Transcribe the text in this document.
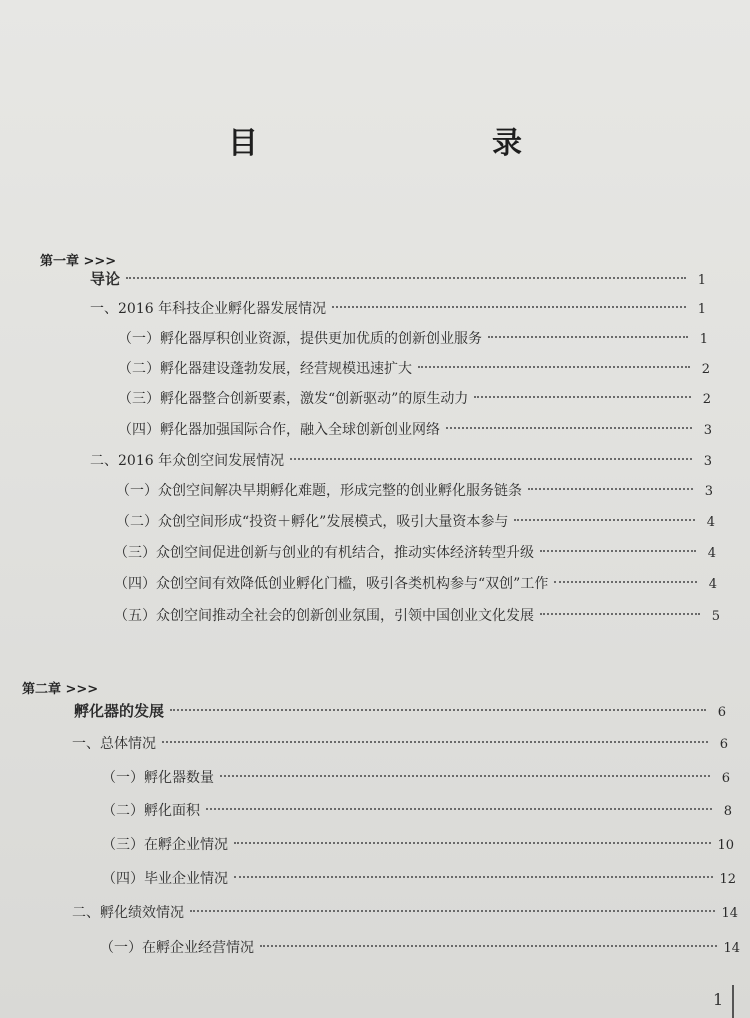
目　　录
第一章 >>>
导论	1
一、2016 年科技企业孵化器发展情况	1
（一）孵化器厚积创业资源，提供更加优质的创新创业服务	1
（二）孵化器建设蓬勃发展，经营规模迅速扩大	2
（三）孵化器整合创新要素，激发“创新驱动”的原生动力	2
（四）孵化器加强国际合作，融入全球创新创业网络	3
二、2016 年众创空间发展情况	3
（一）众创空间解决早期孵化难题，形成完整的创业孵化服务链条	3
（二）众创空间形成“投资＋孵化”发展模式，吸引大量资本参与	4
（三）众创空间促进创新与创业的有机结合，推动实体经济转型升级	4
（四）众创空间有效降低创业孵化门槛，吸引各类机构参与“双创”工作	4
（五）众创空间推动全社会的创新创业氛围，引领中国创业文化发展	5
第二章 >>>
孵化器的发展	6
一、总体情况	6
（一）孵化器数量	6
（二）孵化面积	8
（三）在孵企业情况	10
（四）毕业企业情况	12
二、孵化绩效情况	14
（一）在孵企业经营情况	14
1
